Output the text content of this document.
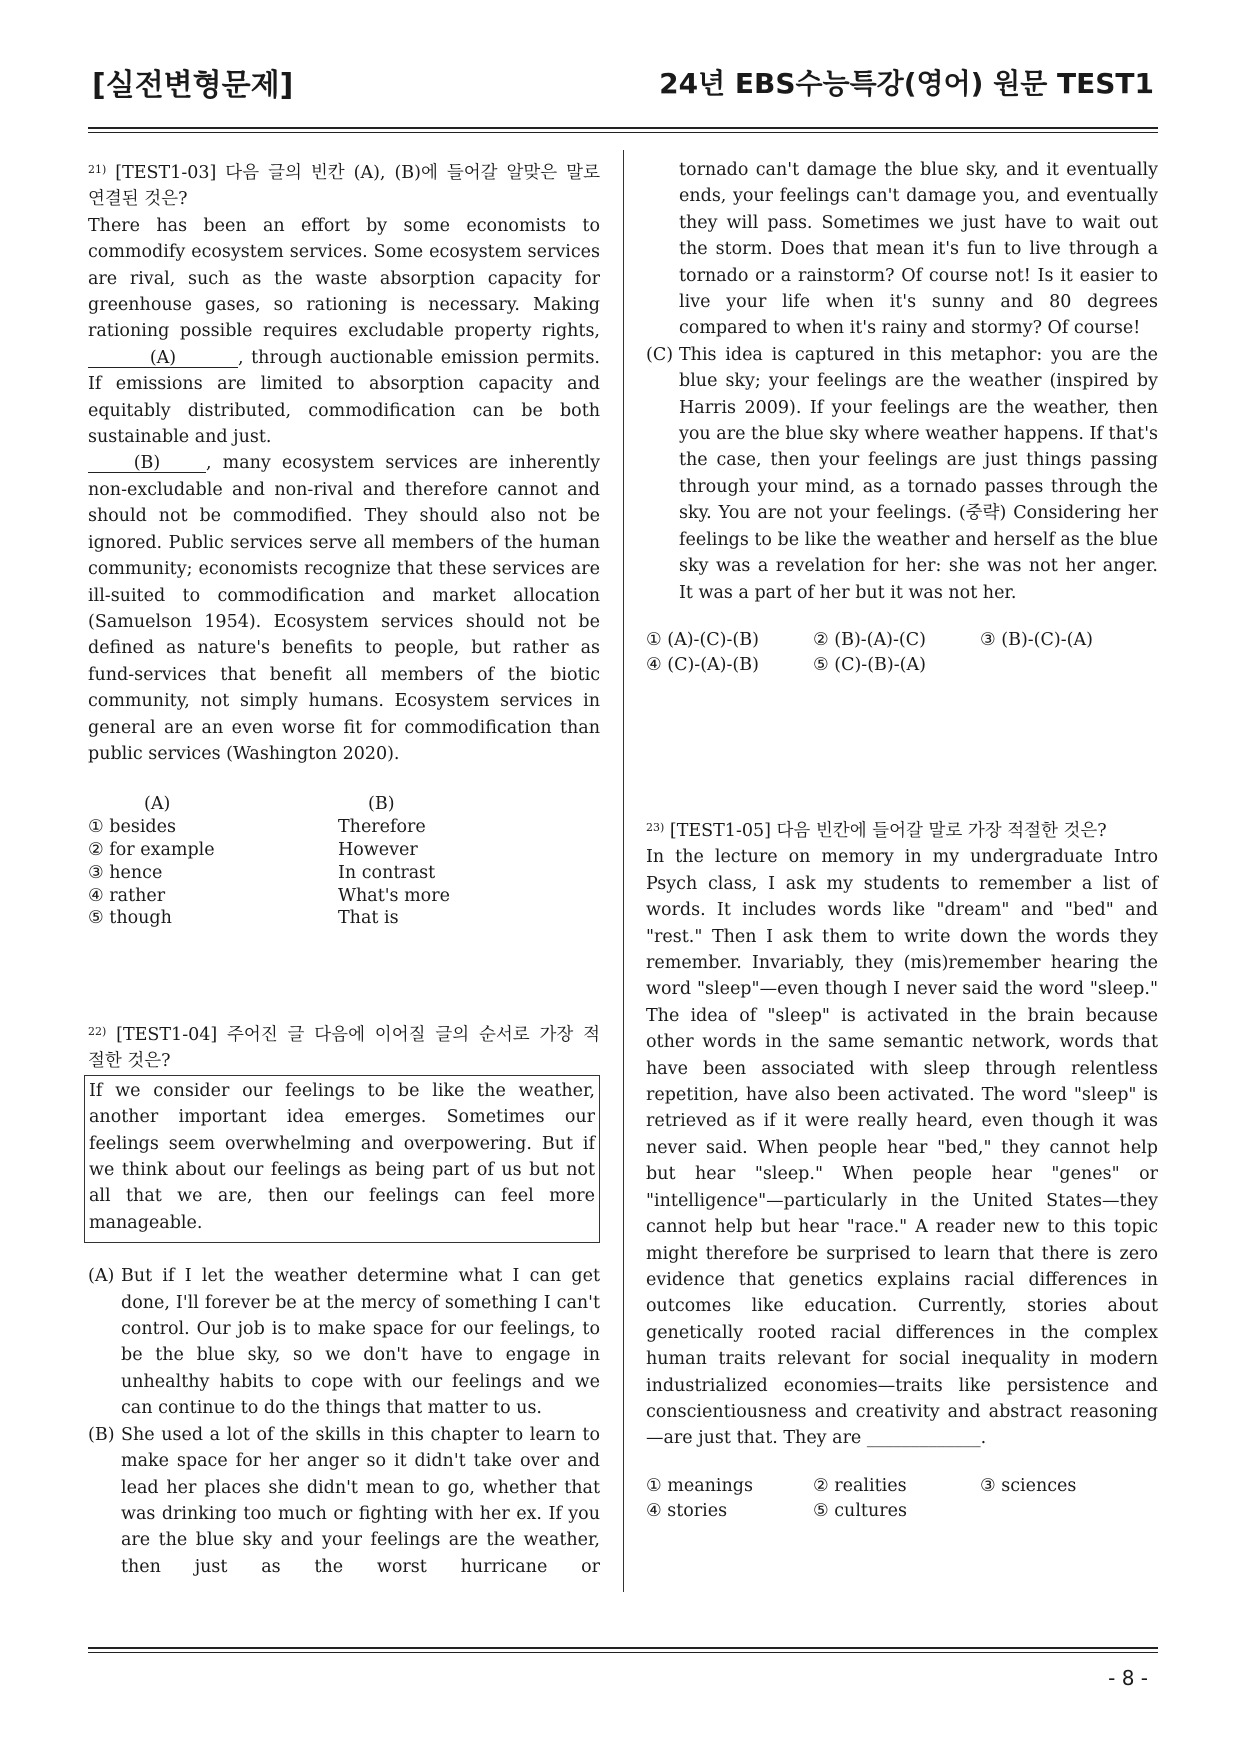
[실전변형문제]	24년 EBS수능특강(영어) 원문 TEST1
$^{21)}$ [TEST1-03] 다음 글의 빈칸 (A), (B)에 들어갈 알맞은 말로
연결된 것은?

There has been an effort by some economists to commodify ecosystem services. Some ecosystem services are rival, such as the waste absorption capacity for greenhouse gases, so rationing is necessary. Making rationing possible requires excludable property rights, (A)	, through auctionable emission permits. If emissions are limited to absorption capacity and equitably distributed, commodification can be both sustainable and just.
(B)	, many ecosystem services are inherently non-excludable and non-rival and therefore cannot and should not be commodified. They should also not be ignored. Public services serve all members of the human community; economists recognize that these services are ill-suited to commodification and market allocation (Samuelson 1954). Ecosystem services should not be defined as nature's benefits to people, but rather as fund-services that benefit all members of the biotic community, not simply humans. Ecosystem services in general are an even worse fit for commodification than public services (Washington 2020).

	(A)		(B)
① besides		Therefore	
② for example		However	
③ hence		In contrast	
④ rather		What's more	
⑤ though		That is	
$^{22)}$ [TEST1-04] 주어진 글 다음에 이어질 글의 순서로 가장 적
절한 것은?
If we consider our feelings to be like the weather, another important idea emerges. Sometimes our feelings seem overwhelming and overpowering. But if we think about our feelings as being part of us but not all that we are, then our feelings can feel more manageable.
(A) But if I let the weather determine what I can get done, I'll forever be at the mercy of something I can't control. Our job is to make space for our feelings, to be the blue sky, so we don't have to engage in unhealthy habits to cope with our feelings and we can continue to do the things that matter to us.
(B) She used a lot of the skills in this chapter to learn to make space for her anger so it didn't take over and lead her places she didn't mean to go, whether that was drinking too much or fighting with her ex. If you are the blue sky and your feelings are the weather, then just as the worst hurricane or
tornado can't damage the blue sky, and it eventually ends, your feelings can't damage you, and eventually they will pass. Sometimes we just have to wait out the storm. Does that mean it's fun to live through a tornado or a rainstorm? Of course not! Is it easier to live your life when it's sunny and 80 degrees compared to when it's rainy and stormy? Of course!
(C) This idea is captured in this metaphor: you are the blue sky; your feelings are the weather (inspired by Harris 2009). If your feelings are the weather, then you are the blue sky where weather happens. If that's the case, then your feelings are just things passing through your mind, as a tornado passes through the sky. You are not your feelings. (중략) Considering her feelings to be like the weather and herself as the blue sky was a revelation for her: she was not her anger. It was a part of her but it was not her.
① (A)-(C)-(B)	② (B)-(A)-(C)	③ (B)-(C)-(A)
④ (C)-(A)-(B)	⑤ (C)-(B)-(A)
$^{23)}$ [TEST1-05] 다음 빈칸에 들어갈 말로 가장 적절한 것은?

In the lecture on memory in my undergraduate Intro Psych class, I ask my students to remember a list of words. It includes words like "dream" and "bed" and "rest." Then I ask them to write down the words they remember. Invariably, they (mis)remember hearing the word "sleep"—even though I never said the word "sleep." The idea of "sleep" is activated in the brain because other words in the same semantic network, words that have been associated with sleep through relentless repetition, have also been activated. The word "sleep" is retrieved as if it were really heard, even though it was never said. When people hear "bed," they cannot help but hear "sleep." When people hear "genes" or "intelligence"—particularly in the United States—they cannot help but hear "race." A reader new to this topic might therefore be surprised to learn that there is zero evidence that genetics explains racial differences in outcomes like education. Currently, stories about genetically rooted racial differences in the complex human traits relevant for social inequality in modern industrialized economies—traits like persistence and conscientiousness and creativity and abstract reasoning —are just that. They are _____________.

① meanings	② realities	③ sciences
④ stories	⑤ cultures
- 8 -
